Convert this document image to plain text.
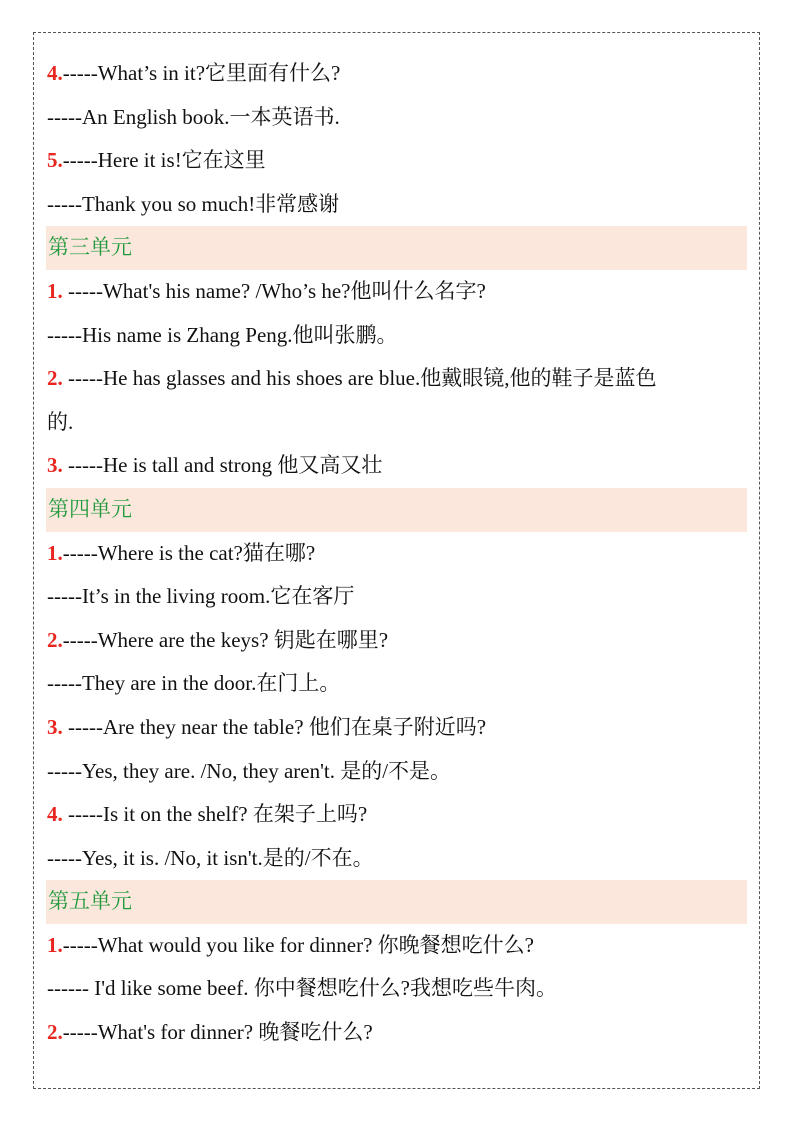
4.-----What’s in it?它里面有什么?
-----An English book.一本英语书.
5.-----Here it is!它在这里
-----Thank you so much!非常感谢
第三单元
1. -----What's his name? /Who’s he?他叫什么名字?
-----His name is Zhang Peng.他叫张鹏。
2. -----He has glasses and his shoes are blue.他戴眼镜,他的鞋子是蓝色
的.
3. -----He is tall and strong 他又高又壮
第四单元
1.-----Where is the cat?猫在哪?
-----It’s in the living room.它在客厅
2.-----Where are the keys? 钥匙在哪里?
-----They are in the door.在门上。
3. -----Are they near the table? 他们在桌子附近吗?
-----Yes, they are. /No, they aren't. 是的/不是。
4. -----Is it on the shelf? 在架子上吗?
-----Yes, it is. /No, it isn't.是的/不在。
第五单元
1.-----What would you like for dinner? 你晚餐想吃什么?
------ I'd like some beef. 你中餐想吃什么?我想吃些牛肉。
2.-----What's for dinner? 晚餐吃什么?
